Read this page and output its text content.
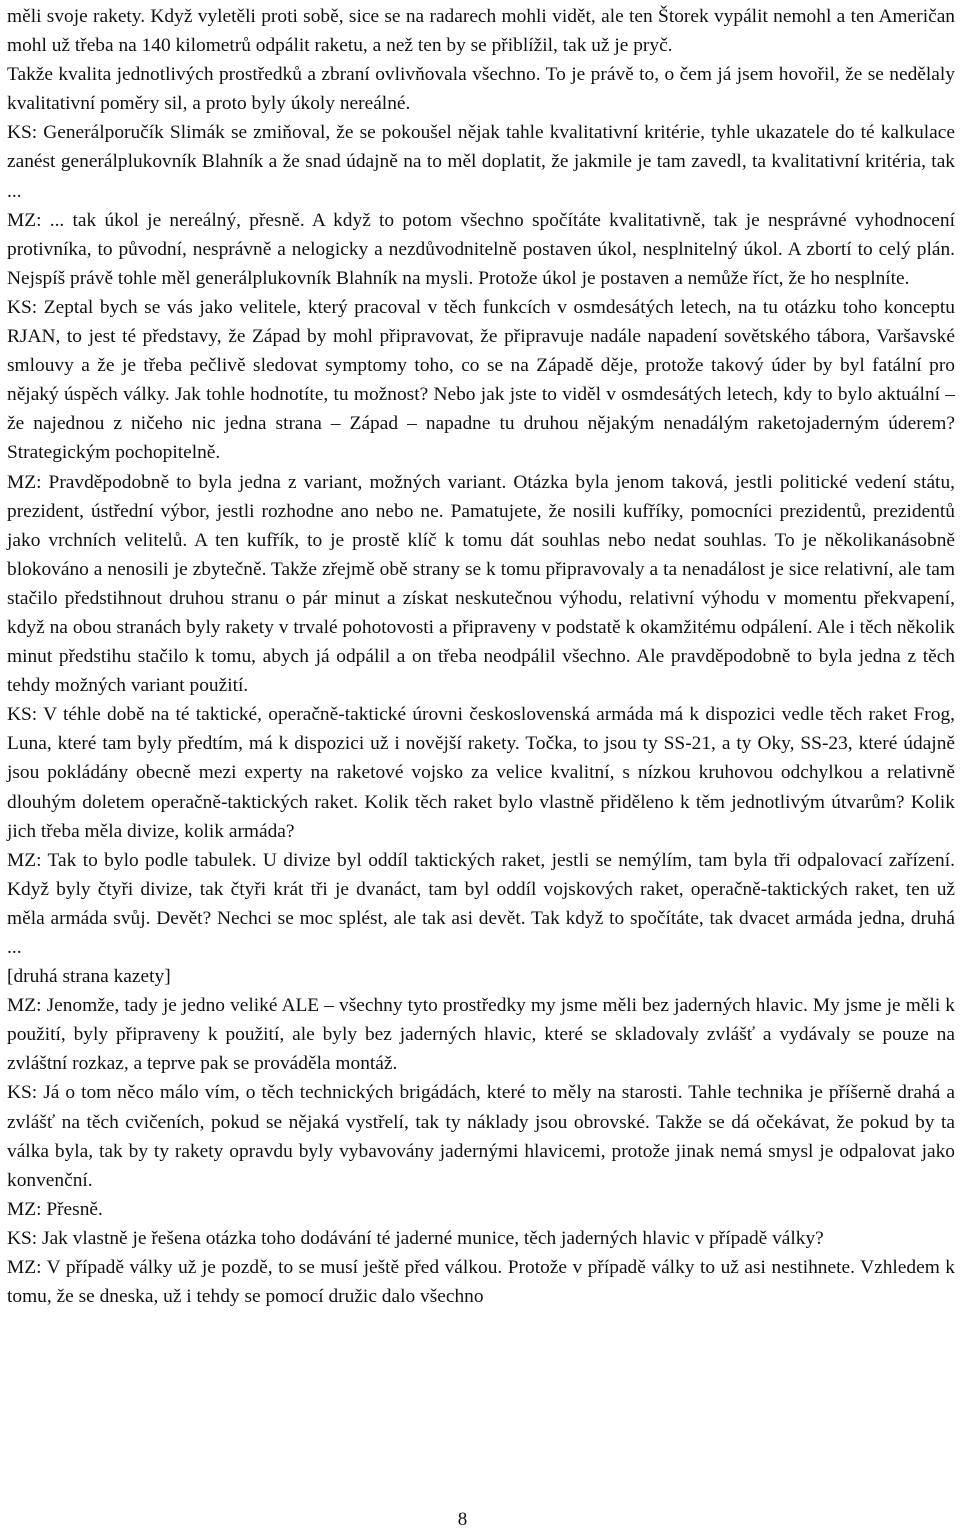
měli svoje rakety. Když vyletěli proti sobě, sice se na radarech mohli vidět, ale ten Štorek vypálit nemohl a ten Američan mohl už třeba na 140 kilometrů odpálit raketu, a než ten by se přiblížil, tak už je pryč.

Takže kvalita jednotlivých prostředků a zbraní ovlivňovala všechno. To je právě to, o čem já jsem hovořil, že se nedělaly kvalitativní poměry sil, a proto byly úkoly nereálné.

KS: Generálporučík Slimák se zmiňoval, že se pokoušel nějak tahle kvalitativní kritérie, tyhle ukazatele do té kalkulace zanést generálplukovník Blahník a že snad údajně na to měl doplatit, že jakmile je tam zavedl, ta kvalitativní kritéria, tak ...

MZ: ... tak úkol je nereálný, přesně. A když to potom všechno spočítáte kvalitativně, tak je nesprávné vyhodnocení protivníka, to původní, nesprávně a nelogicky a nezdůvodnitelně postaven úkol, nesplnitelný úkol. A zbortí to celý plán. Nejspíš právě tohle měl generálplukovník Blahník na mysli. Protože úkol je postaven a nemůže říct, že ho nesplníte.

KS: Zeptal bych se vás jako velitele, který pracoval v těch funkcích v osmdesátých letech, na tu otázku toho konceptu RJAN, to jest té představy, že Západ by mohl připravovat, že připravuje nadále napadení sovětského tábora, Varšavské smlouvy a že je třeba pečlivě sledovat symptomy toho, co se na Západě děje, protože takový úder by byl fatální pro nějaký úspěch války. Jak tohle hodnotíte, tu možnost? Nebo jak jste to viděl v osmdesátých letech, kdy to bylo aktuální – že najednou z ničeho nic jedna strana – Západ – napadne tu druhou nějakým nenadálým raketojaderným úderem? Strategickým pochopitelně.

MZ: Pravděpodobně to byla jedna z variant, možných variant. Otázka byla jenom taková, jestli politické vedení státu, prezident, ústřední výbor, jestli rozhodne ano nebo ne. Pamatujete, že nosili kufříky, pomocníci prezidentů, prezidentů jako vrchních velitelů. A ten kufřík, to je prostě klíč k tomu dát souhlas nebo nedat souhlas. To je několikanásobně blokováno a nenosili je zbytečně. Takže zřejmě obě strany se k tomu připravovaly a ta nenadálost je sice relativní, ale tam stačilo předstihnout druhou stranu o pár minut a získat neskutečnou výhodu, relativní výhodu v momentu překvapení, když na obou stranách byly rakety v trvalé pohotovosti a připraveny v podstatě k okamžitému odpálení. Ale i těch několik minut předstihu stačilo k tomu, abych já odpálil a on třeba neodpálil všechno. Ale pravděpodobně to byla jedna z těch tehdy možných variant použití.

KS: V téhle době na té taktické, operačně-taktické úrovni československá armáda má k dispozici vedle těch raket Frog, Luna, které tam byly předtím, má k dispozici už i novější rakety. Točka, to jsou ty SS-21, a ty Oky, SS-23, které údajně jsou pokládány obecně mezi experty na raketové vojsko za velice kvalitní, s nízkou kruhovou odchylkou a relativně dlouhým doletem operačně-taktických raket. Kolik těch raket bylo vlastně přiděleno k těm jednotlivým útvarům? Kolik jich třeba měla divize, kolik armáda?

MZ: Tak to bylo podle tabulek. U divize byl oddíl taktických raket, jestli se nemýlím, tam byla tři odpalovací zařízení. Když byly čtyři divize, tak čtyři krát tři je dvanáct, tam byl oddíl vojskových raket, operačně-taktických raket, ten už měla armáda svůj. Devět? Nechci se moc splést, ale tak asi devět. Tak když to spočítáte, tak dvacet armáda jedna, druhá ...

[druhá strana kazety]

MZ: Jenomže, tady je jedno veliké ALE – všechny tyto prostředky my jsme měli bez jaderných hlavic. My jsme je měli k použití, byly připraveny k použití, ale byly bez jaderných hlavic, které se skladovaly zvlášť a vydávaly se pouze na zvláštní rozkaz, a teprve pak se prováděla montáž.

KS: Já o tom něco málo vím, o těch technických brigádách, které to měly na starosti. Tahle technika je příšerně drahá a zvlášť na těch cvičeních, pokud se nějaká vystřelí, tak ty náklady jsou obrovské. Takže se dá očekávat, že pokud by ta válka byla, tak by ty rakety opravdu byly vybavovány jadernými hlavicemi, protože jinak nemá smysl je odpalovat jako konvenční.

MZ: Přesně.

KS: Jak vlastně je řešena otázka toho dodávání té jaderné munice, těch jaderných hlavic v případě války?

MZ: V případě války už je pozdě, to se musí ještě před válkou. Protože v případě války to už asi nestihnete. Vzhledem k tomu, že se dneska, už i tehdy se pomocí družic dalo všechno

8
